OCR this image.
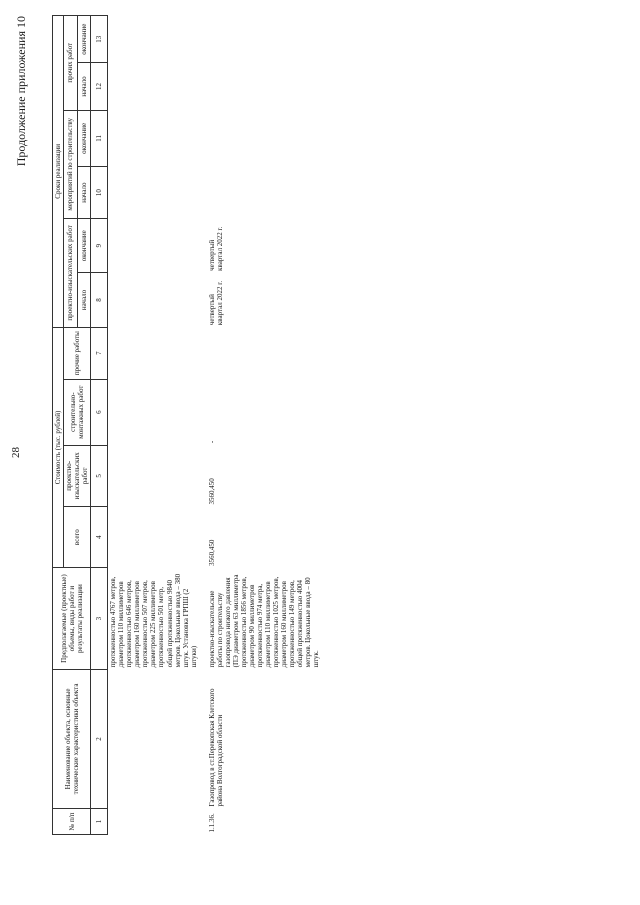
28
Продолжение приложения 10
№ п/п	Наименование объекта, основные технические характеристики объекта	Предполагаемые (проектные) объемы, виды работ и результаты реализации	Стоимость (тыс. рублей)				Сроки реализации					
			всего	проектно-изыскательских работ	строительно-монтажных работ	прочие работы	проектно-изыскательских работ		мероприятий по строительству		прочих работ	
							начало	окончание	начало	окончание	начало	окончание
1	2	3	4	5	6	7	8	9	10	11	12	13
		протяженностью 4767 метров, диаметром 110 миллиметров протяженностью 646 метров, диаметром 160 миллиметров протяженностью 507 метров, диаметром 225 миллиметров протяженностью 501 метр, общей протяженностью 9840 метров. Цокольные ввода – 380 штук. Установка ГРПШ (2 штуки)										

1.1.36.	Газопровод в ст.Перекопская Клетского района Волгоградской области	проектно-изыскательские работы по строительству газопровода низкого давления (ПЭ диаметром 63 миллиметра протяженностью 1856 метров, диаметром 90 миллиметров протяженностью 974 метра, диаметром 110 миллиметров протяженностью 1025 метров, диаметром 160 миллиметров протяженностью 149 метров, общей протяженностью 4004 метров. Цокольные ввода – 80 штук.	3560,450	3560,450	-		четвертый квартал 2022 г.	четвертый квартал 2022 г.				
